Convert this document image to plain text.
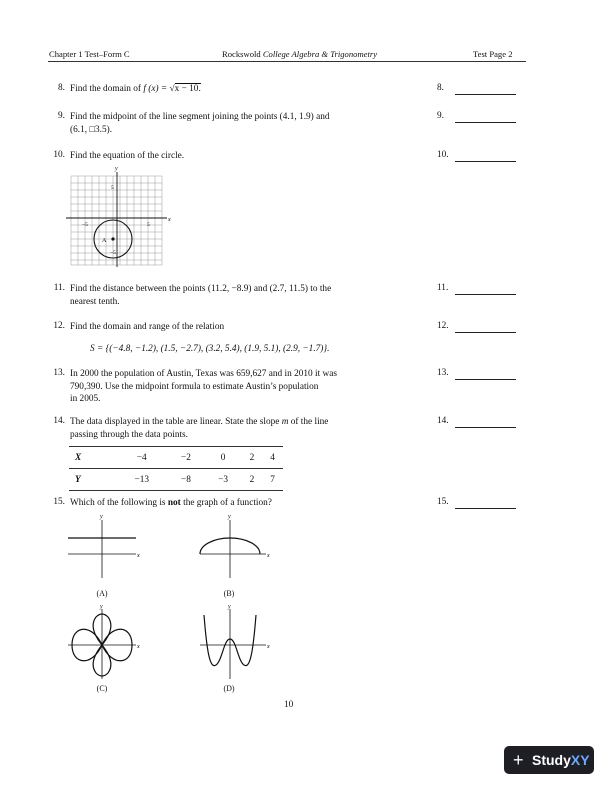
Chapter 1 Test–Form C	Rockswold College Algebra & Trigonometry	Test Page 2
8. Find the domain of f (x) = √x − 10.	8.
9. Find the midpoint of the line segment joining the points (4.1, 1.9) and
(6.1, □3.5).
9.
10. Find the equation of the circle.	10.
x
y
5
−5	5
−5
A
11. Find the distance between the points (11.2, −8.9) and (2.7, 11.5) to the
nearest tenth.
11.
12. Find the domain and range of the relation
S = {(−4.8, −1.2), (1.5, −2.7), (3.2, 5.4), (1.9, 5.1), (2.9, −1.7)}.
12.
13. In 2000 the population of Austin, Texas was 659,627 and in 2010 it was
790,390. Use the midpoint formula to estimate Austin’s population
in 2005.
13.
14. The data displayed in the table are linear. State the slope m of the line
passing through the data points.
14.
X	−4	−2	0	2	4
Y	−13	−8	−3	2	7
15. Which of the following is not the graph of a function?	15.
x
y
(A)
x
y
(B)
x
y
(C)
x
y
(D)
10
+ StudyXY
